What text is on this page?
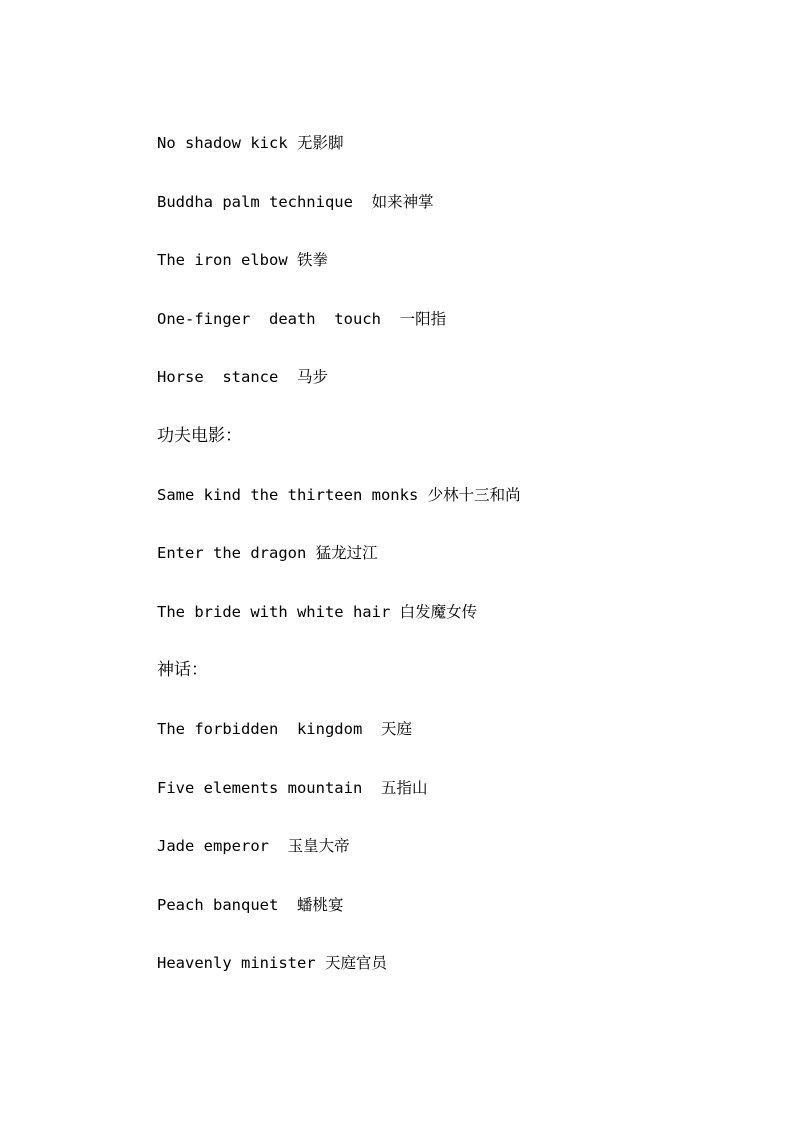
No shadow kick 无影脚
Buddha palm technique  如来神掌
The iron elbow 铁拳
One-finger  death  touch  一阳指
Horse  stance  马步
功夫电影：
Same kind the thirteen monks 少林十三和尚
Enter the dragon 猛龙过江
The bride with white hair 白发魔女传
神话：
The forbidden  kingdom  天庭
Five elements mountain  五指山
Jade emperor  玉皇大帝
Peach banquet  蟠桃宴
Heavenly minister 天庭官员
